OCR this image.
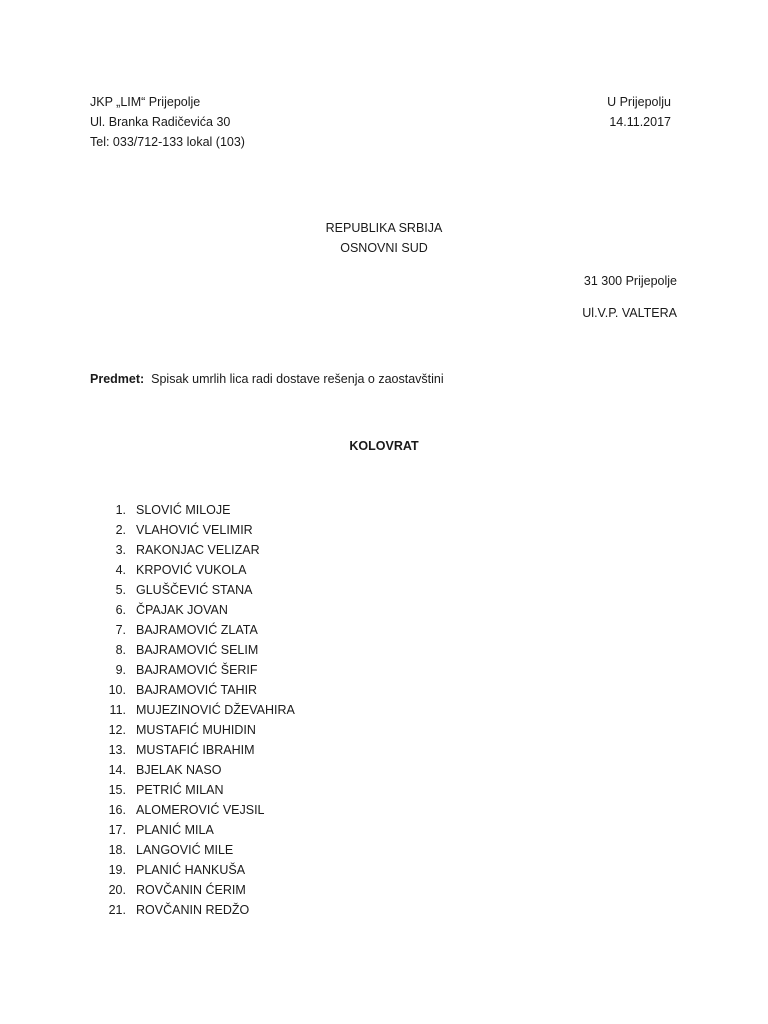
JKP „LIM“ Prijepolje
Ul. Branka Radičevića 30
Tel: 033/712-133 lokal (103)
U Prijepolju
14.11.2017
REPUBLIKA SRBIJA
OSNOVNI SUD
31 300 Prijepolje
Ul.V.P. VALTERA
Predmet: Spisak umrlih lica radi dostave rešenja o zaostavštini
KOLOVRAT
1. SLOVIĆ MILOJE
2. VLAHOVIĆ VELIMIR
3. RAKONJAC VELIZAR
4. KRPOVIĆ VUKOLA
5. GLUŠČEVIĆ STANA
6. ČPAJAK JOVAN
7. BAJRAMOVIĆ ZLATA
8. BAJRAMOVIĆ SELIM
9. BAJRAMOVIĆ ŠERIF
10. BAJRAMOVIĆ TAHIR
11. MUJEZINOVIĆ DŽEVAHIRA
12. MUSTAFIĆ MUHIDIN
13. MUSTAFIĆ IBRAHIM
14. BJELAK NASO
15. PETRIĆ MILAN
16. ALOMEROVIĆ VEJSIL
17. PLANIĆ MILA
18. LANGOVIĆ MILE
19. PLANIĆ HANKUŠA
20. ROVČANIN ĆERIM
21. ROVČANIN REDŽO
